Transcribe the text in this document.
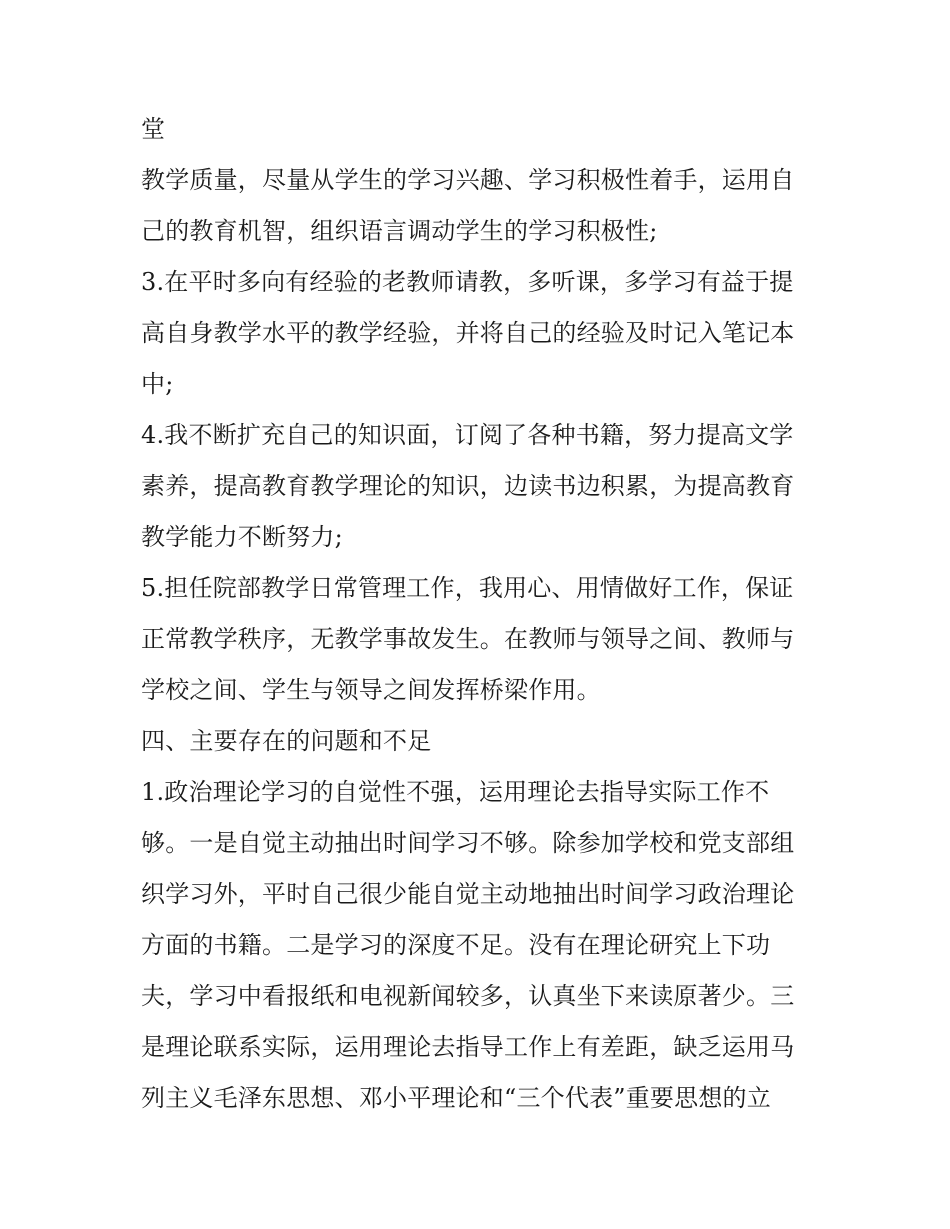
堂
教学质量，尽量从学生的学习兴趣、学习积极性着手，运用自
己的教育机智，组织语言调动学生的学习积极性;
3.在平时多向有经验的老教师请教，多听课，多学习有益于提
高自身教学水平的教学经验，并将自己的经验及时记入笔记本
中;
4.我不断扩充自己的知识面，订阅了各种书籍，努力提高文学
素养，提高教育教学理论的知识，边读书边积累，为提高教育
教学能力不断努力;
5.担任院部教学日常管理工作，我用心、用情做好工作，保证
正常教学秩序，无教学事故发生。在教师与领导之间、教师与
学校之间、学生与领导之间发挥桥梁作用。
四、主要存在的问题和不足
1.政治理论学习的自觉性不强，运用理论去指导实际工作不
够。一是自觉主动抽出时间学习不够。除参加学校和党支部组
织学习外，平时自己很少能自觉主动地抽出时间学习政治理论
方面的书籍。二是学习的深度不足。没有在理论研究上下功
夫，学习中看报纸和电视新闻较多，认真坐下来读原著少。三
是理论联系实际，运用理论去指导工作上有差距，缺乏运用马
列主义毛泽东思想、邓小平理论和“三个代表”重要思想的立
